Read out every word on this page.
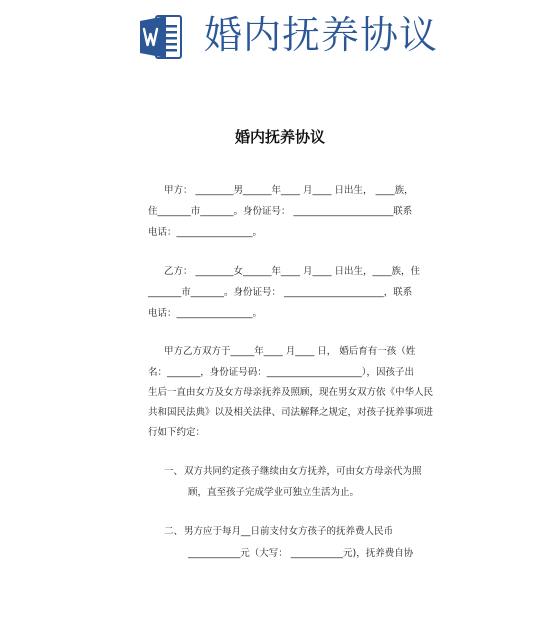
婚内抚养协议
婚内抚养协议
甲方： ________男______年____ 月____ 日出生， ____族，
住_______市_______。身份证号： _____________________联系
电话：________________。
乙方： ________女______年____ 月____ 日出生，____族，住
_______市_______。身份证号： _____________________，联系
电话：________________。
甲方乙方双方于_____年____ 月____ 日， 婚后育有一孩（姓
名：_______，身份证号码：____________________），因孩子出
生后一直由女方及女方母亲抚养及照顾，现在男女双方依《中华人民
共和国民法典》以及相关法律、司法解释之规定，对孩子抚养事项进
行如下约定：
一、 双方共同约定孩子继续由女方抚养，可由女方母亲代为照
顾，直至孩子完成学业可独立生活为止。
二、 男方应于每月__日前支付女方孩子的抚养费人民币
___________元（大写： ___________元)，抚养费自协
